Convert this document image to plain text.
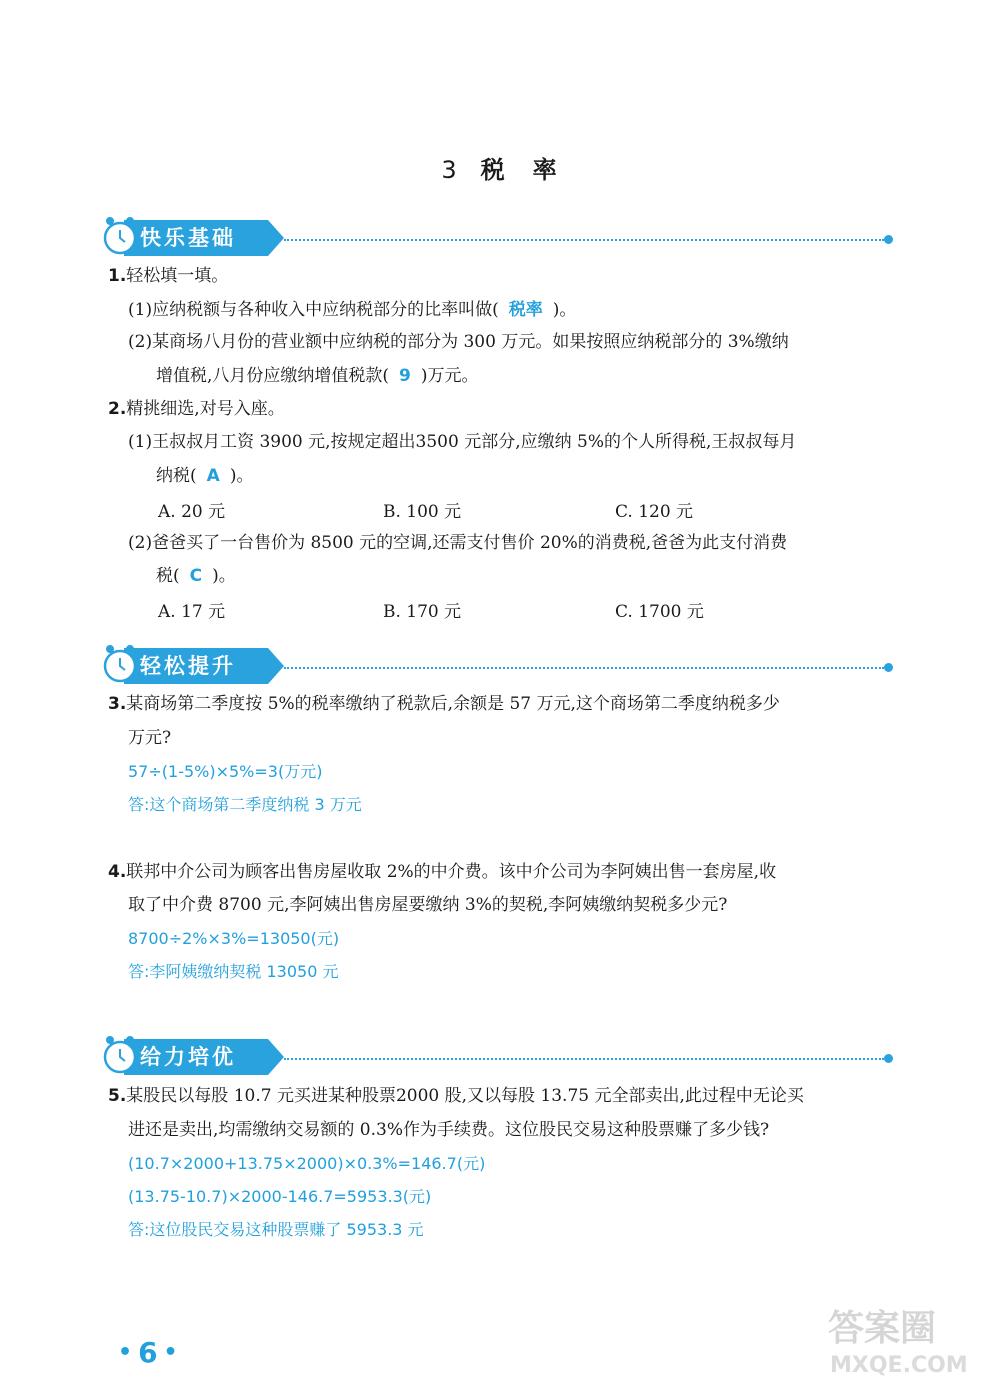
3 税 率
快乐基础
1.轻松填一填。
(1)应纳税额与各种收入中应纳税部分的比率叫做( 税率 )。
(2)某商场八月份的营业额中应纳税的部分为 300 万元。如果按照应纳税部分的 3%缴纳
增值税,八月份应缴纳增值税款( 9 )万元。
2.精挑细选,对号入座。
(1)王叔叔月工资 3900 元,按规定超出3500 元部分,应缴纳 5%的个人所得税,王叔叔每月
纳税( A )。
A. 20 元	B. 100 元	C. 120 元
(2)爸爸买了一台售价为 8500 元的空调,还需支付售价 20%的消费税,爸爸为此支付消费
税( C )。
A. 17 元	B. 170 元	C. 1700 元
轻松提升
3.某商场第二季度按 5%的税率缴纳了税款后,余额是 57 万元,这个商场第二季度纳税多少
万元?
57÷(1-5%)×5%=3(万元)
答:这个商场第二季度纳税 3 万元
4.联邦中介公司为顾客出售房屋收取 2%的中介费。该中介公司为李阿姨出售一套房屋,收
取了中介费 8700 元,李阿姨出售房屋要缴纳 3%的契税,李阿姨缴纳契税多少元?
8700÷2%×3%=13050(元)
答:李阿姨缴纳契税 13050 元
给力培优
5.某股民以每股 10.7 元买进某种股票2000 股,又以每股 13.75 元全部卖出,此过程中无论买
进还是卖出,均需缴纳交易额的 0.3%作为手续费。这位股民交易这种股票赚了多少钱?
(10.7×2000+13.75×2000)×0.3%=146.7(元)
(13.75-10.7)×2000-146.7=5953.3(元)
答:这位股民交易这种股票赚了 5953.3 元
•6•
答案圈
MXQE.COM
